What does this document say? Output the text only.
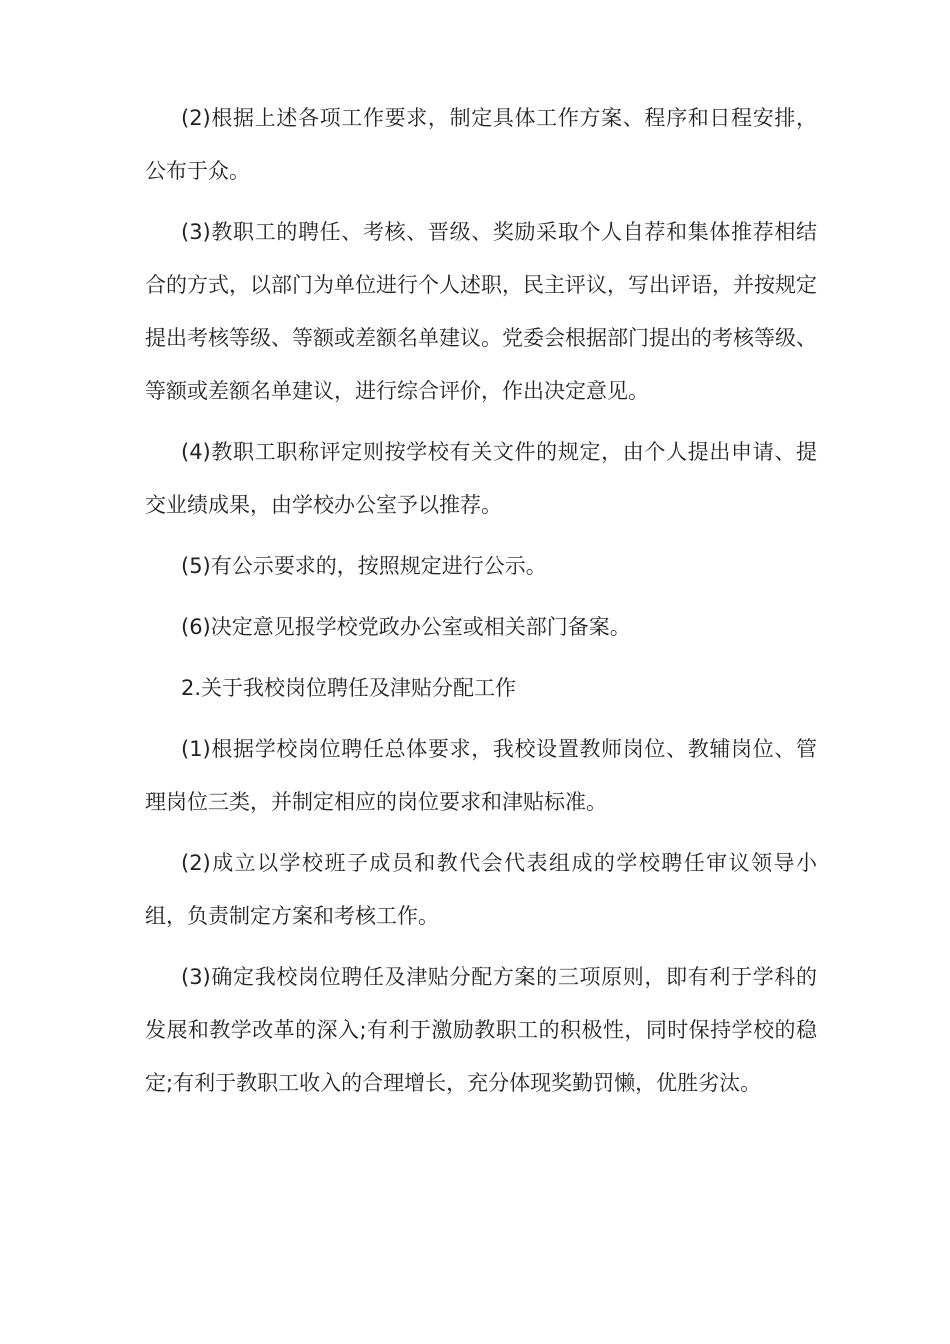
(2)根据上述各项工作要求，制定具体工作方案、程序和日程安排，公布于众。

(3)教职工的聘任、考核、晋级、奖励采取个人自荐和集体推荐相结合的方式，以部门为单位进行个人述职，民主评议，写出评语，并按规定提出考核等级、等额或差额名单建议。党委会根据部门提出的考核等级、等额或差额名单建议，进行综合评价，作出决定意见。

(4)教职工职称评定则按学校有关文件的规定，由个人提出申请、提交业绩成果，由学校办公室予以推荐。

(5)有公示要求的，按照规定进行公示。

(6)决定意见报学校党政办公室或相关部门备案。

2.关于我校岗位聘任及津贴分配工作

(1)根据学校岗位聘任总体要求，我校设置教师岗位、教辅岗位、管理岗位三类，并制定相应的岗位要求和津贴标准。

(2)成立以学校班子成员和教代会代表组成的学校聘任审议领导小组，负责制定方案和考核工作。

(3)确定我校岗位聘任及津贴分配方案的三项原则，即有利于学科的发展和教学改革的深入;有利于激励教职工的积极性，同时保持学校的稳定;有利于教职工收入的合理增长，充分体现奖勤罚懒，优胜劣汰。
